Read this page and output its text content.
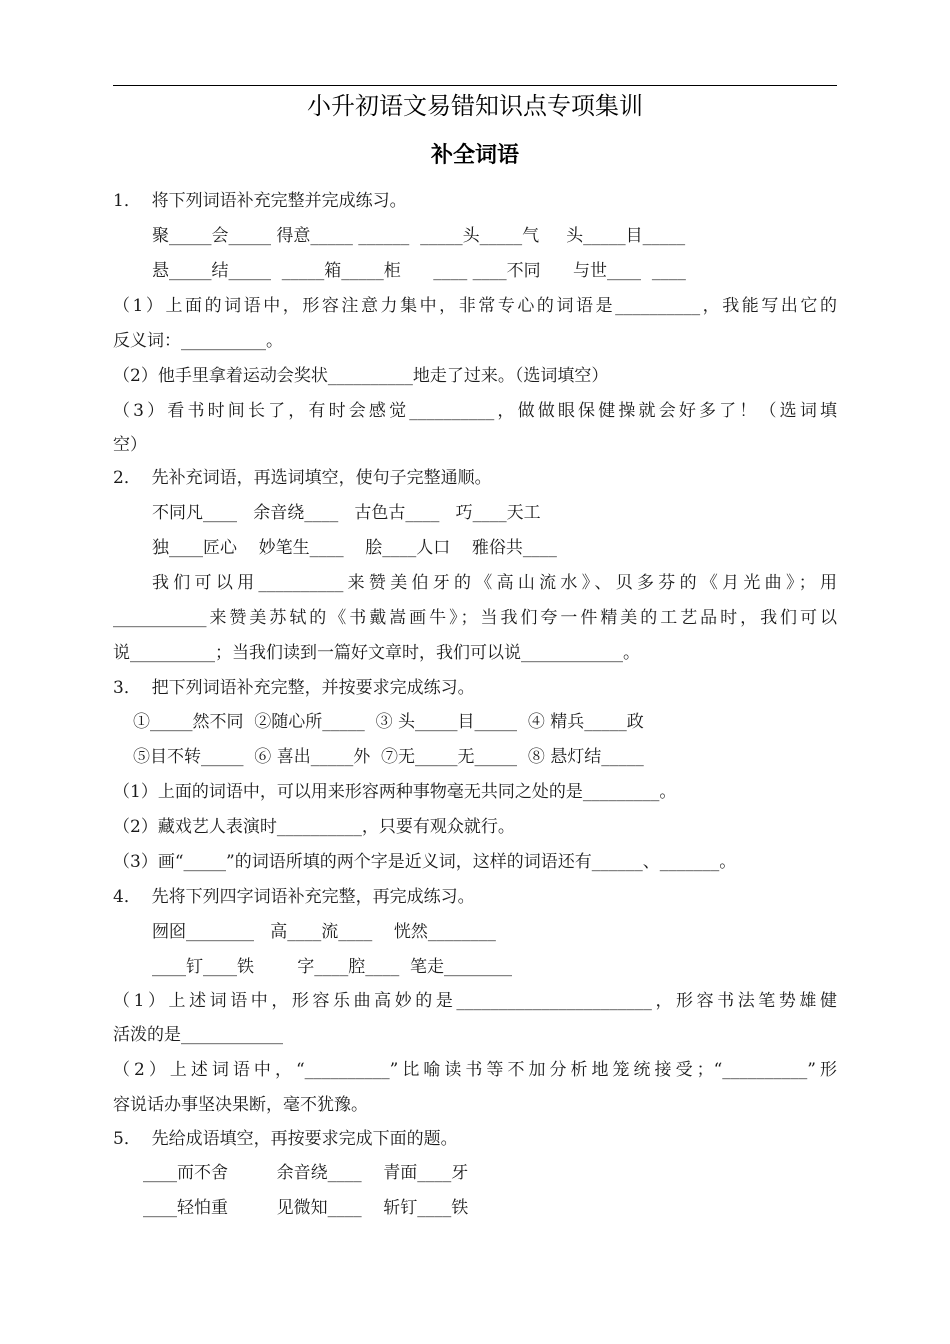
小升初语文易错知识点专项集训
补全词语
1．  将下列词语补充完整并完成练习。
聚_____会_____ 得意_____ ______  _____头_____气     头_____目_____
悬_____结_____  _____箱_____柜      ____ ____不同      与世____  ____
（1）上面的词语中，形容注意力集中，非常专心的词语是__________，我能写出它的
反义词：__________。
（2）他手里拿着运动会奖状__________地走了过来。（选词填空）
（3）看书时间长了，有时会感觉__________，做做眼保健操就会好多了！（选词填
空）
2．  先补充词语，再选词填空，使句子完整通顺。
不同凡____   余音绕____   古色古____   巧____天工
独____匠心    妙笔生____    脍____人口    雅俗共____
我们可以用__________来赞美伯牙的《高山流水》、贝多芬的《月光曲》；用
___________来赞美苏轼的《书戴嵩画牛》；当我们夸一件精美的工艺品时，我们可以
说__________；当我们读到一篇好文章时，我们可以说____________。
3．  把下列词语补充完整，并按要求完成练习。
①_____然不同  ②随心所_____  ③ 头_____目_____  ④ 精兵_____政
⑤目不转_____  ⑥ 喜出_____外  ⑦无_____无_____  ⑧ 悬灯结_____
（1）上面的词语中，可以用来形容两种事物毫无共同之处的是_________。
（2）藏戏艺人表演时__________，只要有观众就行。
（3）画“_____”的词语所填的两个字是近义词，这样的词语还有______、_______。
4．  先将下列四字词语补充完整，再完成练习。
囫囵________   高____流____    恍然________
____钉____铁        字____腔____  笔走________
（1）上述词语中，形容乐曲高妙的是_______________________，形容书法笔势雄健
活泼的是____________
（2）上述词语中，“__________”比喻读书等不加分析地笼统接受；“__________”形
容说话办事坚决果断，毫不犹豫。
5．  先给成语填空，再按要求完成下面的题。
____而不舍         余音绕____    青面____牙
____轻怕重         见微知____    斩钉____铁
